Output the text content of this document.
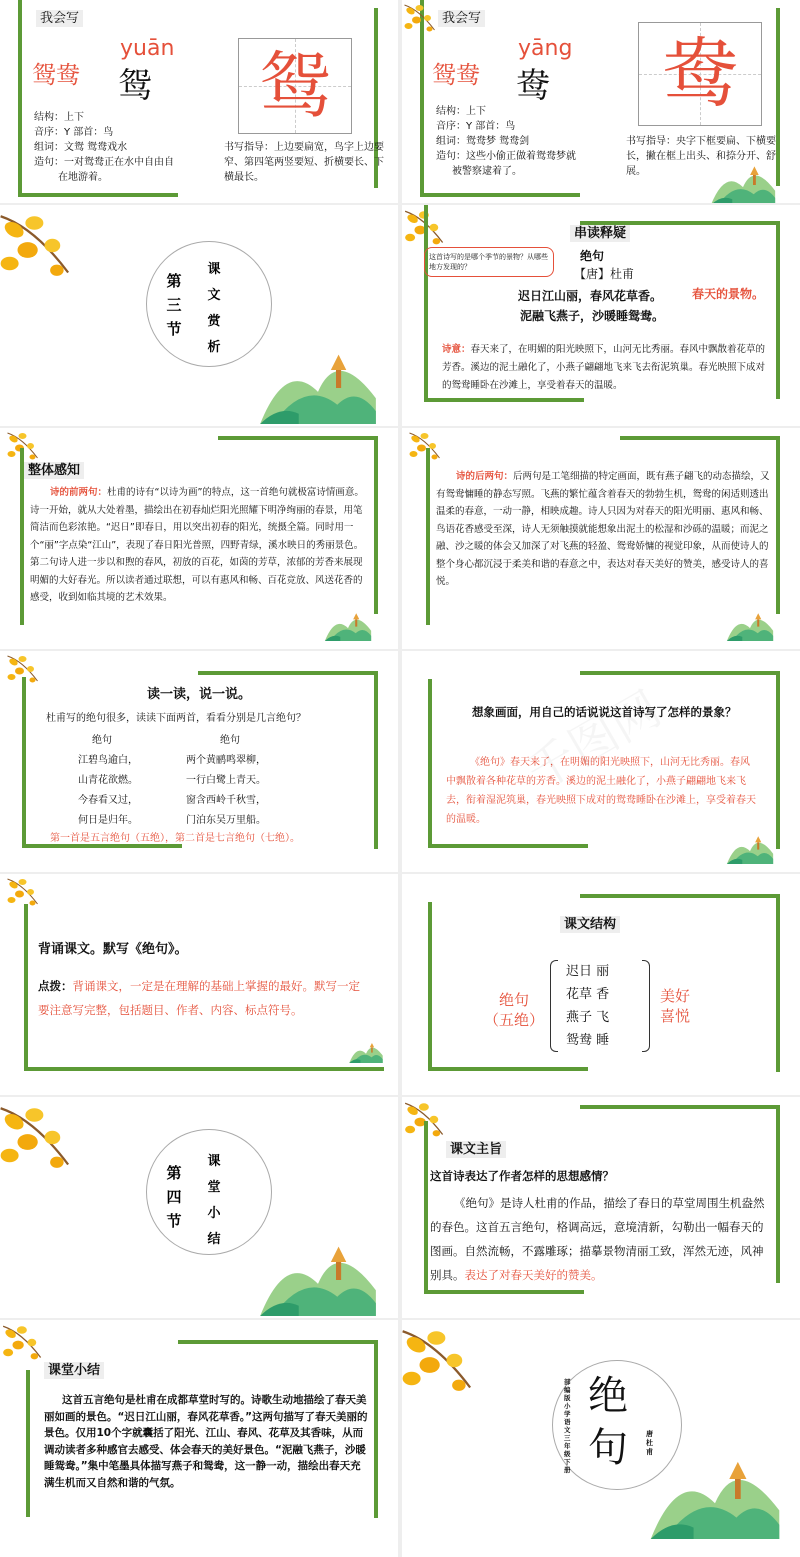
我会写
yuān
鸳鸯 鸳 鸳
结构：上下
音序：Y 部首：鸟
组词：文鸳 鸳鸯戏水
造句：一对鸳鸯正在水中自由自
在地游着。
书写指导：上边要扁宽，鸟字上边要窄、第四笔两竖要短、折横要长、下横最长。
我会写
yāng
鸳鸯 鸯	鸯
结构：上下
音序：Y 部首：鸟
组词：鸳鸯梦 鸳鸯剑
造句：这些小偷正做着鸳鸯梦就
被警察逮着了。
书写指导：央字下框要扁、下横要长，撇在框上出头、和捺分开、舒展。
第
三
节
课
文
赏
析
串读释疑
这首诗写的是哪个季节的景物？从哪些地方发现的？
绝句
【唐】杜甫
迟日江山丽，春风花草香。
泥融飞燕子，沙暖睡鸳鸯。
春天的景物。
诗意：春天来了，在明媚的阳光映照下，山河无比秀丽。春风中飘散着花草的芳香。溪边的泥土融化了，小燕子翩翩地飞来飞去衔泥筑巢。春光映照下成对的鸳鸯睡卧在沙滩上，享受着春天的温暖。
整体感知
诗的前两句：杜甫的诗有“以诗为画”的特点，这一首绝句就极富诗情画意。诗一开始，就从大处着墨，描绘出在初春灿烂阳光照耀下明净绚丽的春景，用笔简洁而色彩浓艳。“迟日”即春日，用以突出初春的阳光，统摄全篇。同时用一个“丽”字点染“江山”，表现了春日阳光普照，四野青绿，溪水映日的秀丽景色。第二句诗人进一步以和煦的春风，初放的百花，如茵的芳草，浓郁的芳香来展现明媚的大好春光。所以读者通过联想，可以有惠风和畅、百花竞放、风送花香的感受，收到如临其境的艺术效果。
诗的后两句：后两句是工笔细描的特定画面，既有燕子翩飞的动态描绘，又有鸳鸯慵睡的静态写照。飞燕的繁忙蕴含着春天的勃勃生机，鸳鸯的闲适则透出温柔的春意，一动一静，相映成趣。诗人只因为对春天的阳光明丽、惠风和畅、鸟语花香感受至深，诗人无须触摸就能想象出泥土的松湿和沙砾的温暖；而泥之融、沙之暖的体会又加深了对飞燕的轻盈、鸳鸯娇慵的视觉印象，从而使诗人的整个身心都沉浸于柔美和谐的春意之中，表达对春天美好的赞美，感受诗人的喜悦。
读一读，说一说。
杜甫写的绝句很多，读读下面两首，看看分别是几言绝句？
绝句
江碧鸟逾白，
山青花欲燃。
今春看又过，
何日是归年。
绝句
两个黄鹂鸣翠柳，
一行白鹭上青天。
窗含西岭千秋雪，
门泊东吴万里船。
第一首是五言绝句（五绝），第二首是七言绝句（七绝）。
想象画面，用自己的话说说这首诗写了怎样的景象？
《绝句》春天来了，在明媚的阳光映照下，山河无比秀丽。春风中飘散着各种花草的芳香。溪边的泥土融化了，小燕子翩翩地飞来飞去，衔着湿泥筑巢，春光映照下成对的鸳鸯睡卧在沙滩上，享受着春天的温暖。
背诵课文。默写《绝句》。
点拨：背诵课文，一定是在理解的基础上掌握的最好。默写一定要注意写完整，包括题目、作者、内容、标点符号。
课文结构
绝句
（五绝）
迟日 丽
花草 香
燕子 飞
鸳鸯 睡
美好
喜悦
第
四
节
课
堂
小
结
课文主旨
这首诗表达了作者怎样的思想感情？
《绝句》是诗人杜甫的作品，描绘了春日的草堂周围生机盎然的春色。这首五言绝句，格调高远，意境清新，勾勒出一幅春天的图画。自然流畅，不露雕琢；描摹景物清丽工致，浑然无迹，风神别具。表达了对春天美好的赞美。
课堂小结
这首五言绝句是杜甫在成都草堂时写的。诗歌生动地描绘了春天美丽如画的景色。“迟日江山丽，春风花草香。”这两句描写了春天美丽的景色。仅用10个字就囊括了阳光、江山、春风、花草及其香味，从而调动读者多种感官去感受、体会春天的美好景色。“泥融飞燕子，沙暖睡鸳鸯。”集中笔墨具体描写燕子和鸳鸯，这一静一动，描绘出春天充满生机而又自然和谐的气氛。
绝
句
部编版小学语文三年级下册
唐 杜甫
